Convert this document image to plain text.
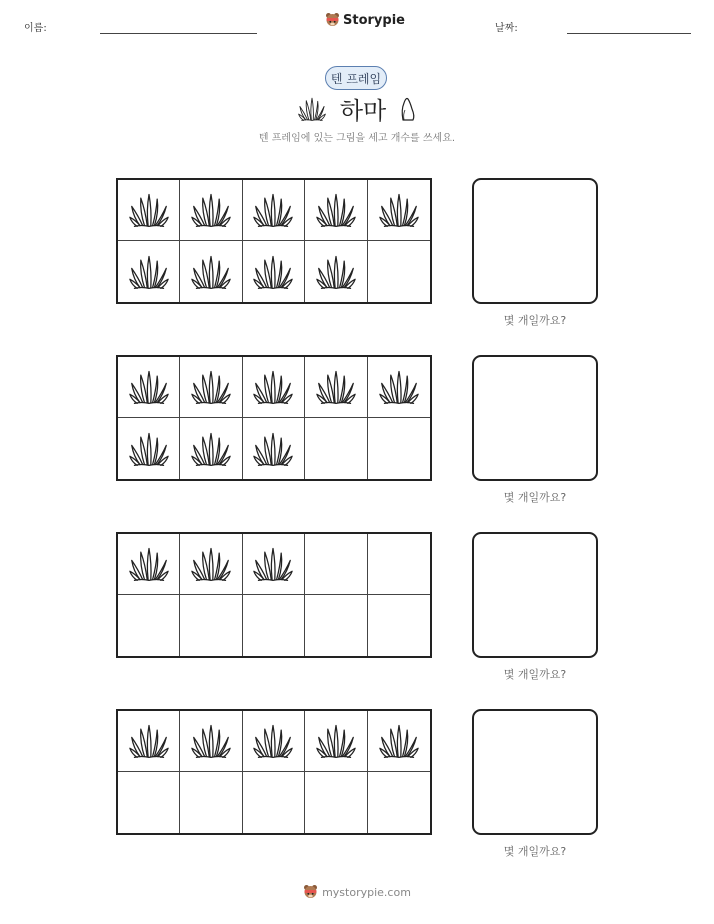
이름:
Storypie
날짜:
텐 프레임
하마
텐 프레임에 있는 그림을 세고 개수를 쓰세요.
몇 개일까요?
몇 개일까요?
몇 개일까요?
몇 개일까요?
mystorypie.com
